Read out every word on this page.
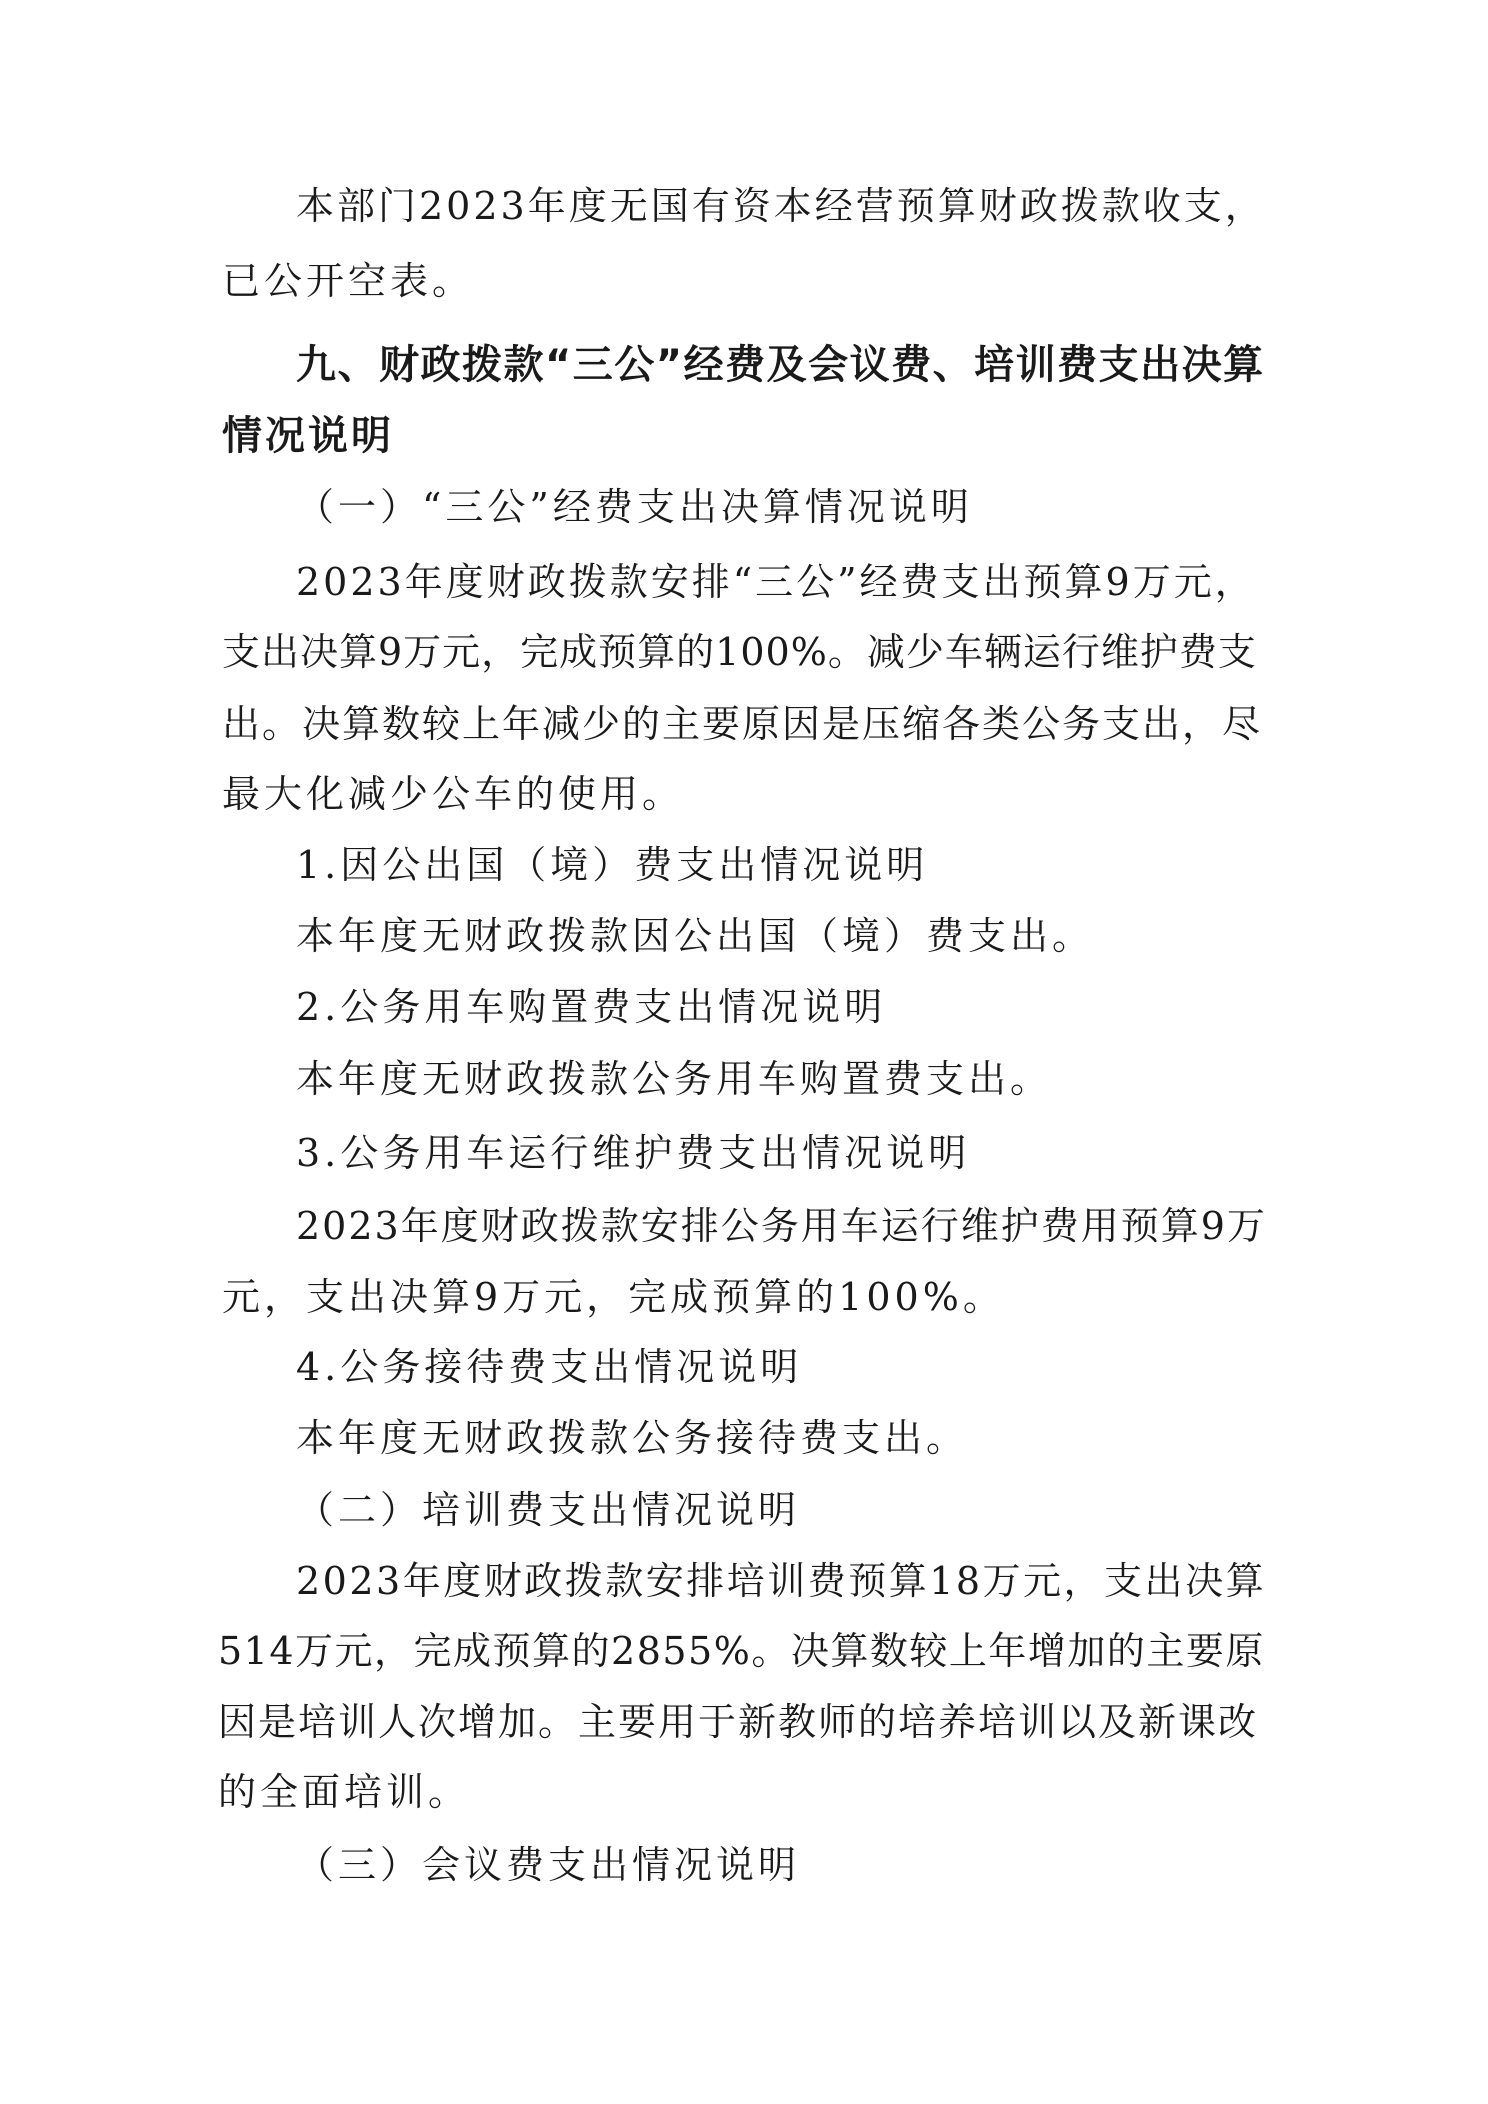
本部门2023年度无国有资本经营预算财政拨款收支，
已公开空表。
九、财政拨款“三公”经费及会议费、培训费支出决算
情况说明
（一）“三公”经费支出决算情况说明
2023年度财政拨款安排“三公”经费支出预算9万元，
支出决算9万元，完成预算的100%。减少车辆运行维护费支
出。决算数较上年减少的主要原因是压缩各类公务支出，尽
最大化减少公车的使用。
1.因公出国（境）费支出情况说明
本年度无财政拨款因公出国（境）费支出。
2.公务用车购置费支出情况说明
本年度无财政拨款公务用车购置费支出。
3.公务用车运行维护费支出情况说明
2023年度财政拨款安排公务用车运行维护费用预算9万
元，支出决算9万元，完成预算的100%。
4.公务接待费支出情况说明
本年度无财政拨款公务接待费支出。
（二）培训费支出情况说明
2023年度财政拨款安排培训费预算18万元，支出决算
514万元，完成预算的2855%。决算数较上年增加的主要原
因是培训人次增加。主要用于新教师的培养培训以及新课改
的全面培训。
（三）会议费支出情况说明
